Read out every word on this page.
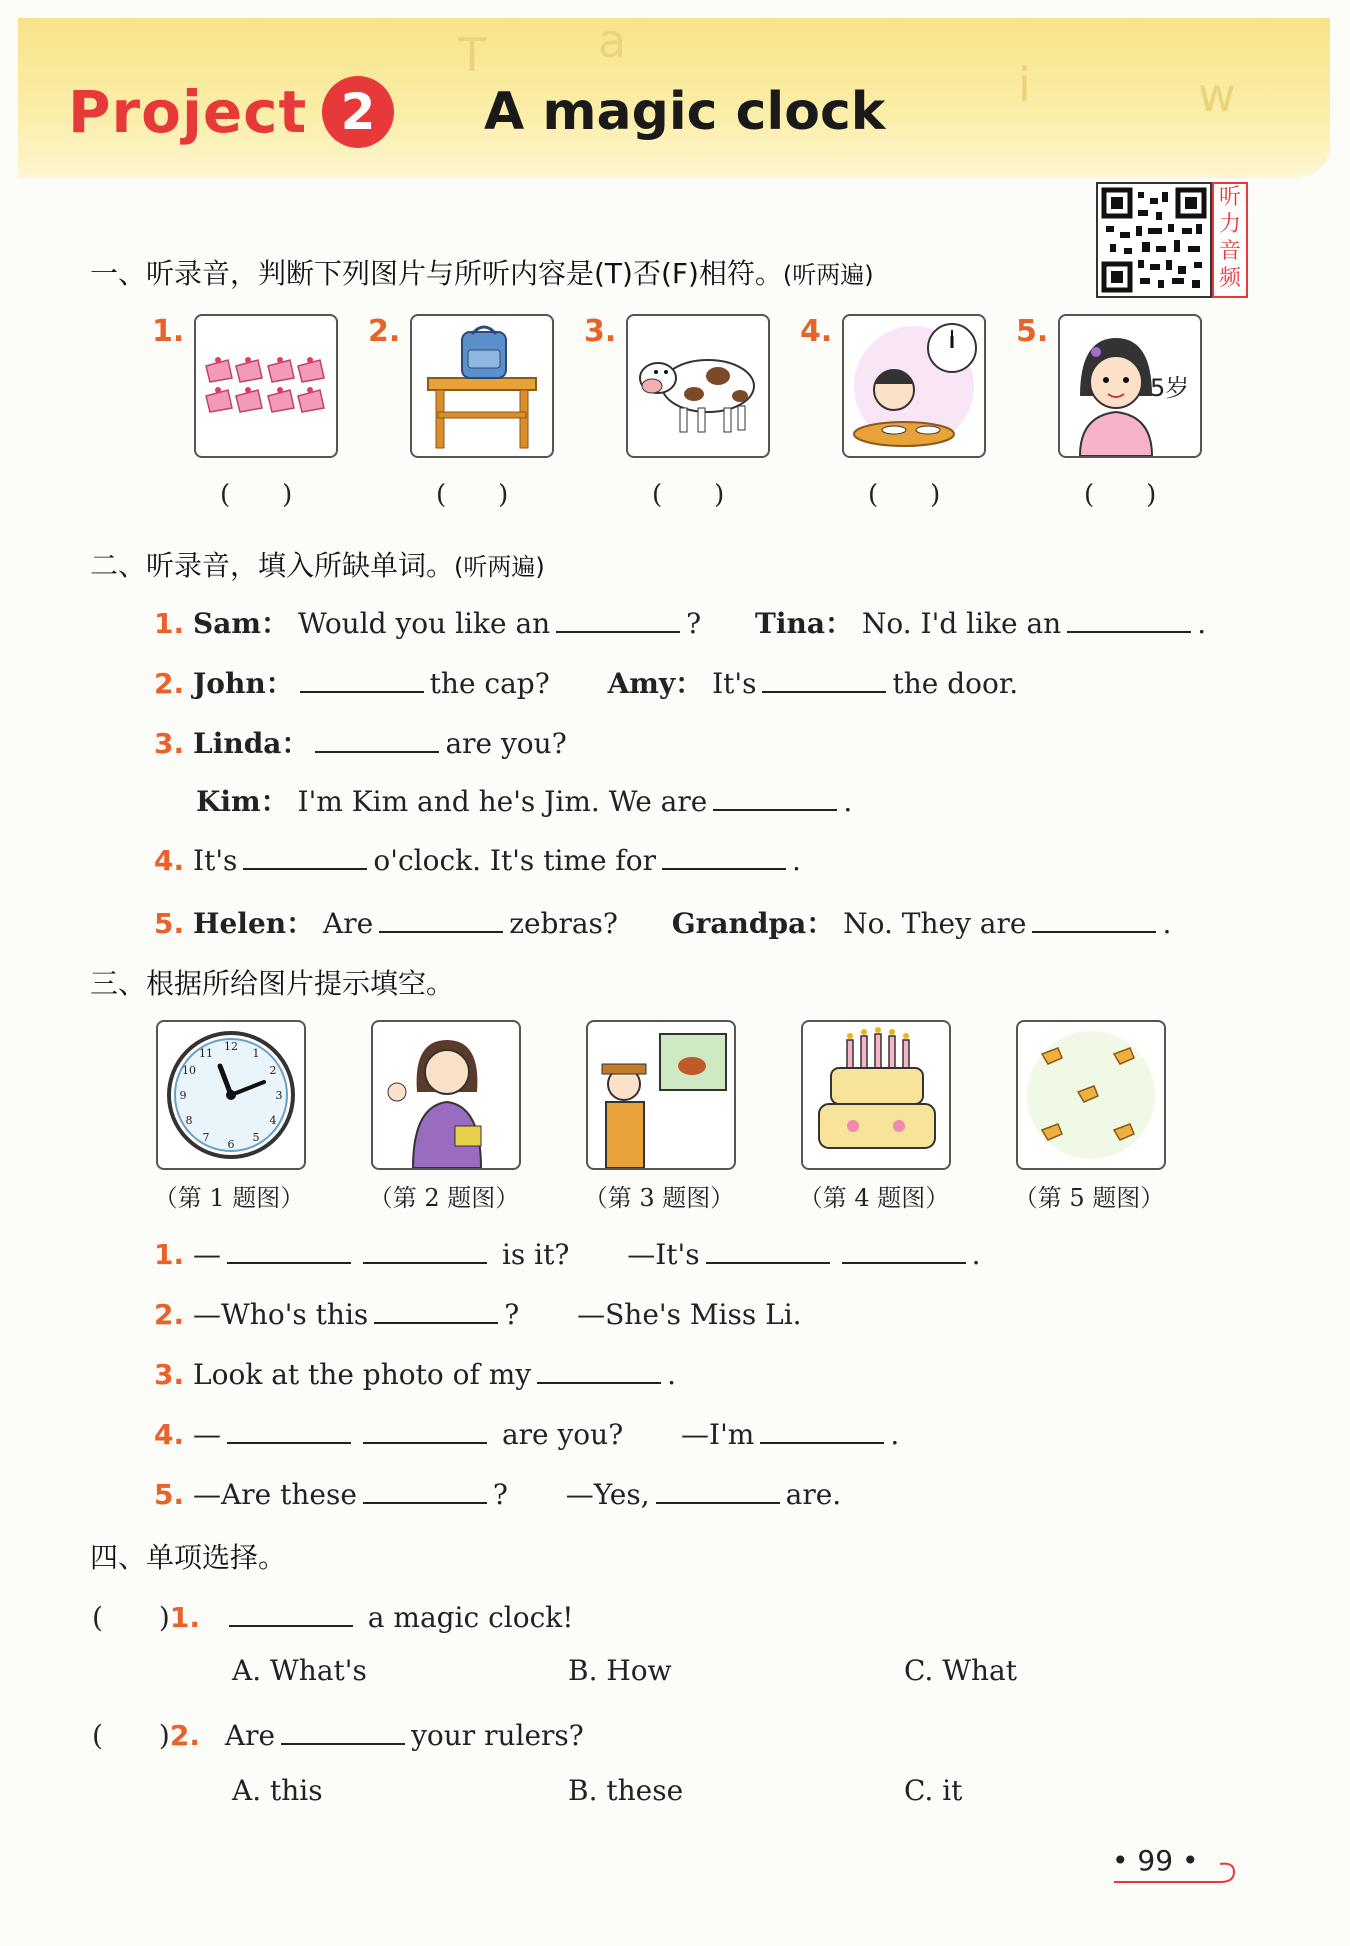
T a
i	w
Project 2	A magic clock
听力音频
一、听录音，判断下列图片与所听内容是(T)否(F)相符。(听两遍)
1.	2.	3.	4.	5.
5岁
(　　)	(　　)	(　　)	(　　)	(　　)
二、听录音，填入所缺单词。(听两遍)
1. Sam： Would you like an	? Tina： No. I'd like an	.
2. John：	the cap? Amy： It's	the door.
3. Linda：	are you?
Kim： I'm Kim and he's Jim. We are	.
4. It's	o'clock. It's time for	.
5. Helen： Are	zebras? Grandpa： No. They are	.
三、根据所给图片提示填空。
12
1
2
3
4
5
6
7
8
9
10
11
（第 1 题图）	（第 2 题图）	（第 3 题图）	（第 4 题图）	（第 5 题图）
1. —	is it? —It's	.
2. —Who's this	? —She's Miss Li.
3. Look at the photo of my	.
4. —	are you? —I'm	.
5. —Are these	? —Yes,	are.
四、单项选择。
(　　)1.	a magic clock!
A. What's	B. How	C. What
(　　)2. Are	your rulers?
A. this	B. these	C. it
• 99 •
